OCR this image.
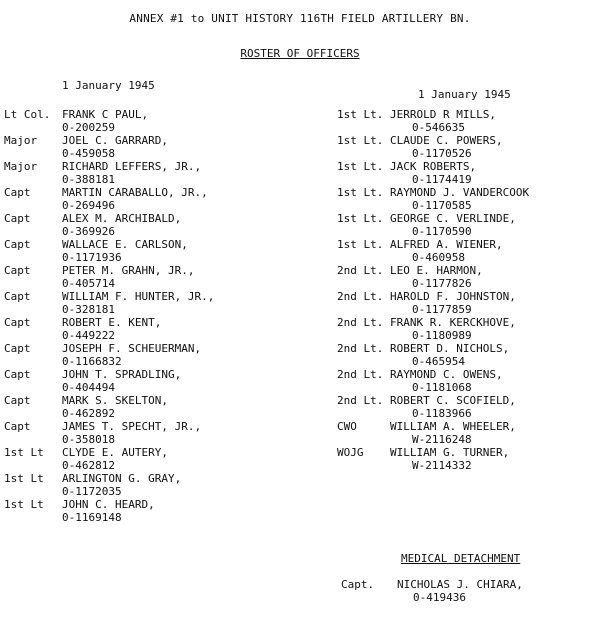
ANNEX #1 to UNIT HISTORY 116TH FIELD ARTILLERY BN.
ROSTER OF OFFICERS
1 January 1945
1 January 1945
Lt Col. FRANK C PAUL,
0-200259
Major JOEL C. GARRARD,
0-459058
Major RICHARD LEFFERS, JR.,
0-388181
Capt	MARTIN CARABALLO, JR.,
0-269496
Capt	ALEX M. ARCHIBALD,
0-369926
Capt	WALLACE E. CARLSON,
0-1171936
Capt	PETER M. GRAHN, JR.,
0-405714
Capt	WILLIAM F. HUNTER, JR.,
0-328181
Capt	ROBERT E. KENT,
0-449222
Capt	JOSEPH F. SCHEUERMAN,
0-1166832
Capt	JOHN T. SPRADLING,
0-404494
Capt	MARK S. SKELTON,
0-462892
Capt	JAMES T. SPECHT, JR.,
0-358018
1st Lt CLYDE E. AUTERY,
0-462812
1st Lt ARLINGTON G. GRAY,
0-1172035
1st Lt JOHN C. HEARD,
0-1169148
1st Lt. JERROLD R MILLS,
0-546635
1st Lt. CLAUDE C. POWERS,
0-1170526
1st Lt. JACK ROBERTS,
0-1174419
1st Lt. RAYMOND J. VANDERCOOK
0-1170585
1st Lt. GEORGE C. VERLINDE,
0-1170590
1st Lt. ALFRED A. WIENER,
0-460958
2nd Lt. LEO E. HARMON,
0-1177826
2nd Lt. HAROLD F. JOHNSTON,
0-1177859
2nd Lt. FRANK R. KERCKHOVE,
0-1180989
2nd Lt. ROBERT D. NICHOLS,
0-465954
2nd Lt. RAYMOND C. OWENS,
0-1181068
2nd Lt. ROBERT C. SCOFIELD,
0-1183966
CWO	WILLIAM A. WHEELER,
W-2116248
WOJG WILLIAM G. TURNER,
W-2114332
MEDICAL DETACHMENT
Capt. NICHOLAS J. CHIARA,
0-419436
